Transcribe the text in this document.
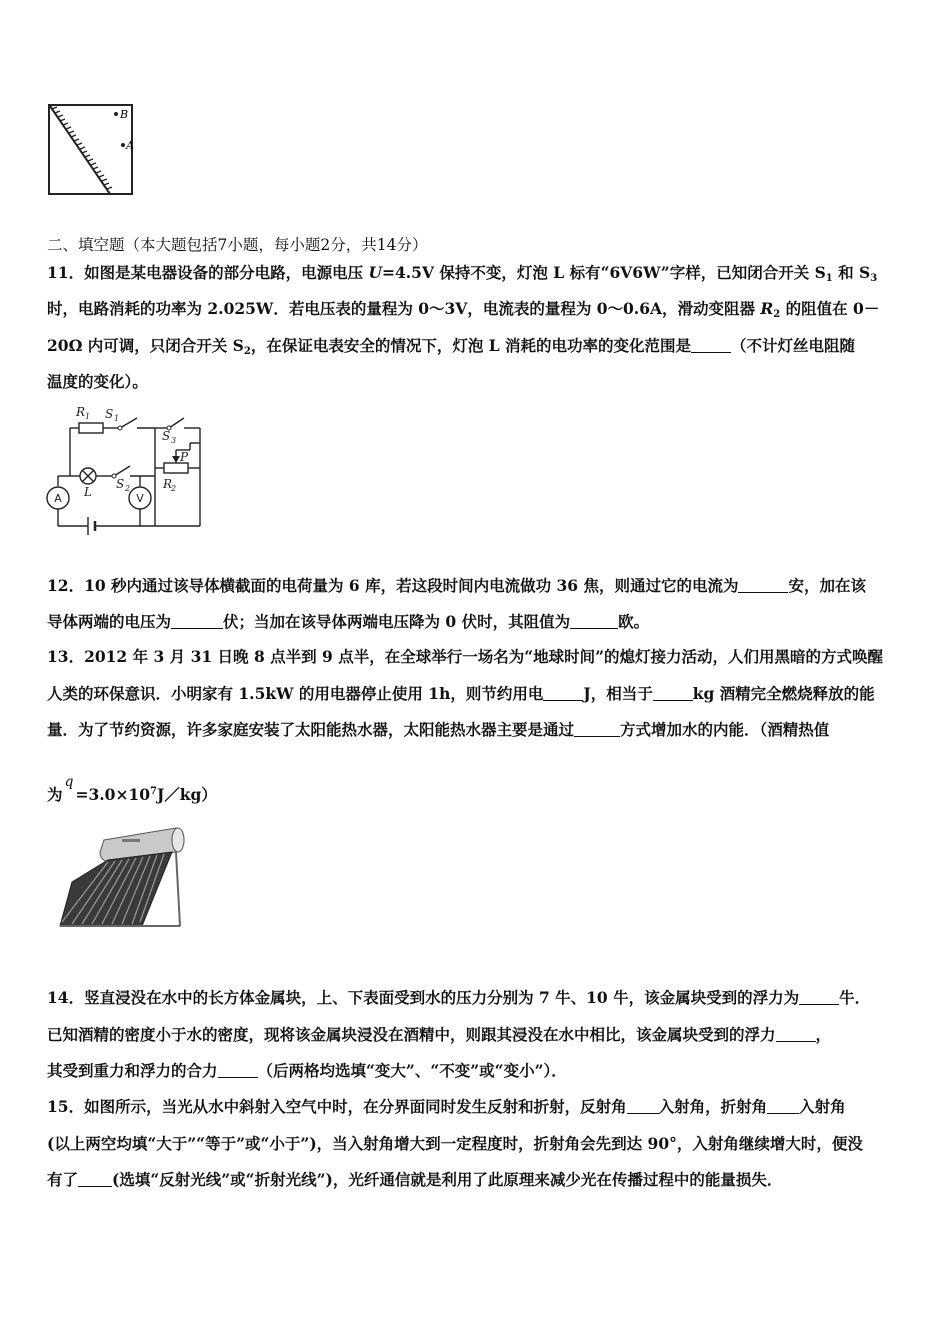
B
A
二、填空题（本大题包括7小题，每小题2分，共14分）
11．如图是某电器设备的部分电路，电源电压 U=4.5V 保持不变，灯泡 L 标有“6V6W”字样，已知闭合开关 $S_1$ 和 $S_3$
时，电路消耗的功率为 2.025W．若电压表的量程为 0～3V，电流表的量程为 0～0.6A，滑动变阻器 $R_2$ 的阻值在 0－
20Ω 内可调，只闭合开关 $S_2$，在保证电表安全的情况下，灯泡 L 消耗的电功率的变化范围是	（不计灯丝电阻随
温度的变化）。
R 1 S 1
S 3
P
L
S 2	R
2
A	V
12．10 秒内通过该导体横截面的电荷量为 6 库，若这段时间内电流做功 36 焦，则通过它的电流为	安，加在该
导体两端的电压为	伏；当加在该导体两端电压降为 0 伏时，其阻值为	欧。
13．2012 年 3 月 31 日晚 8 点半到 9 点半，在全球举行一场名为“地球时间”的熄灯接力活动，人们用黑暗的方式唤醒
人类的环保意识．小明家有 1.5kW 的用电器停止使用 1h，则节约用电	J，相当于	kg 酒精完全燃烧释放的能
量．为了节约资源，许多家庭安装了太阳能热水器，太阳能热水器主要是通过	方式增加水的内能．（酒精热值
为$q=3.0\times 10^7J/kg$）
14．竖直浸没在水中的长方体金属块，上、下表面受到水的压力分别为 7 牛、10 牛，该金属块受到的浮力为	牛．
已知酒精的密度小于水的密度，现将该金属块浸没在酒精中，则跟其浸没在水中相比，该金属块受到的浮力	，
其受到重力和浮力的合力	（后两格均选填“变大”、“不变”或“变小”）．
15．如图所示，当光从水中斜射入空气中时，在分界面同时发生反射和折射，反射角 入射角，折射角 入射角
(以上两空均填“大于”“等于”或“小于”)，当入射角增大到一定程度时，折射角会先到达 90°，入射角继续增大时，便没
有了 (选填“反射光线”或“折射光线”)，光纤通信就是利用了此原理来减少光在传播过程中的能量损失．
